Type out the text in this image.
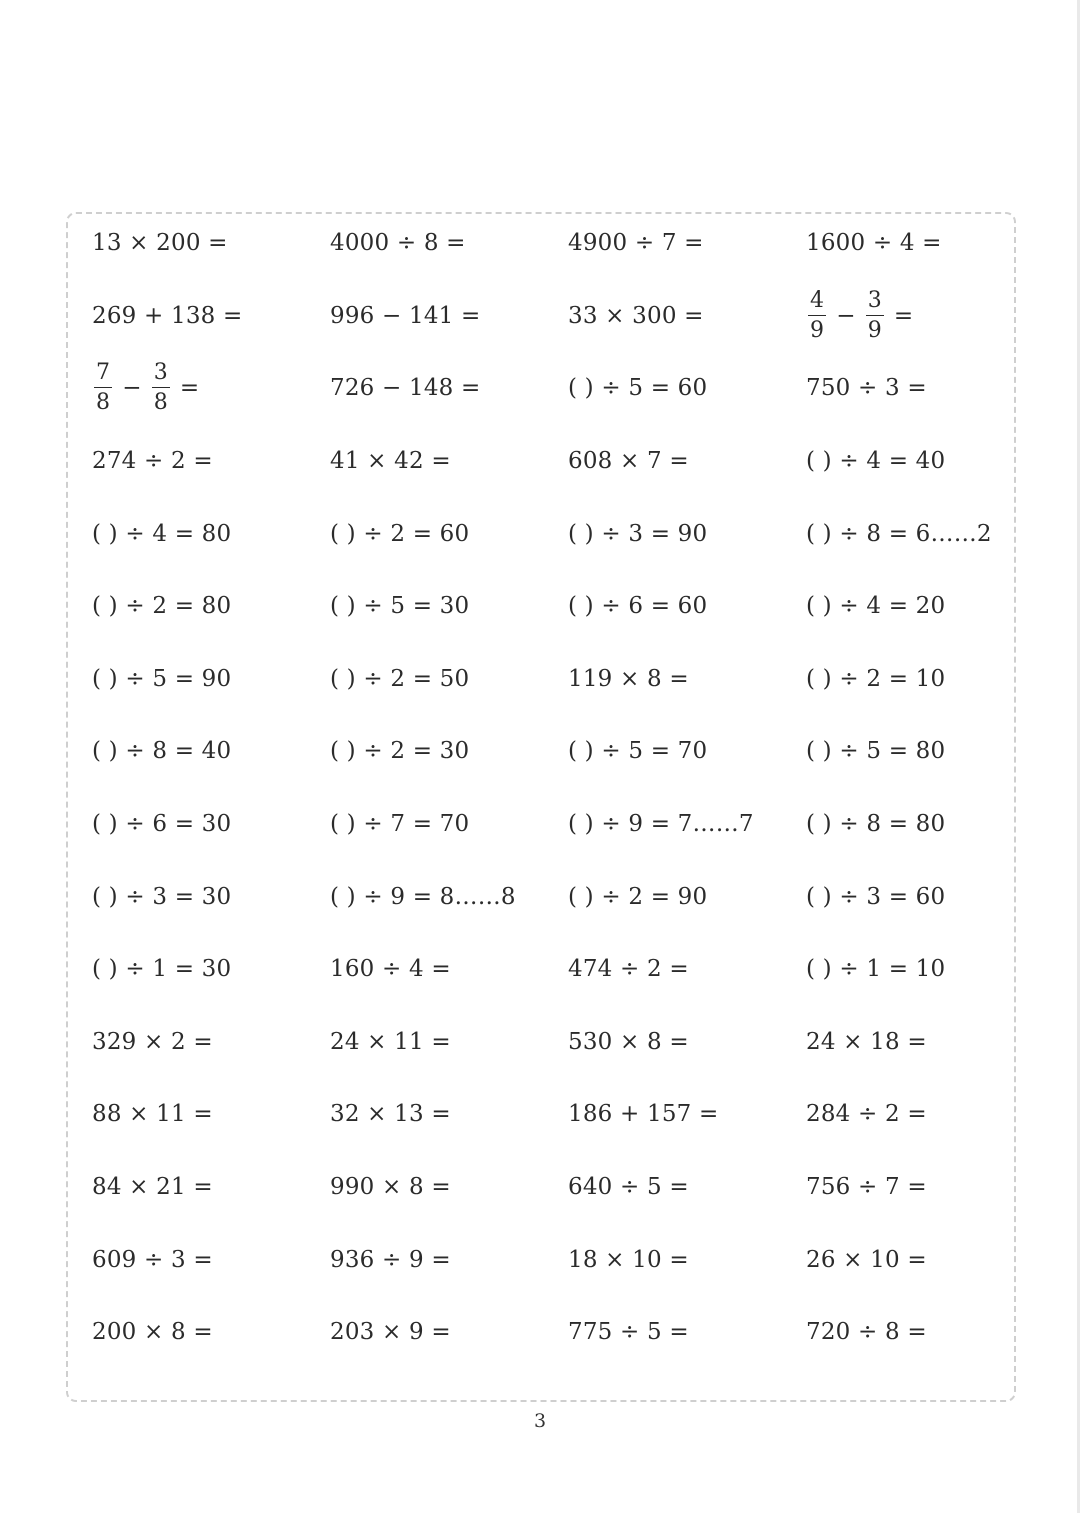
13 × 200 =	4000 ÷ 8 =	4900 ÷ 7 =	1600 ÷ 4 =
269 + 138 =	996 − 141 =	33 × 300 =	$\frac{4}{9} - \frac{3}{9}$ =
$\frac{7}{8} - \frac{3}{8}$ =	726 − 148 =	( ) ÷ 5 = 60	750 ÷ 3 =
274 ÷ 2 =	41 × 42 =	608 × 7 =	( ) ÷ 4 = 40
( ) ÷ 4 = 80	( ) ÷ 2 = 60	( ) ÷ 3 = 90	( ) ÷ 8 = 6……2
( ) ÷ 2 = 80	( ) ÷ 5 = 30	( ) ÷ 6 = 60	( ) ÷ 4 = 20
( ) ÷ 5 = 90	( ) ÷ 2 = 50	119 × 8 =	( ) ÷ 2 = 10
( ) ÷ 8 = 40	( ) ÷ 2 = 30	( ) ÷ 5 = 70	( ) ÷ 5 = 80
( ) ÷ 6 = 30	( ) ÷ 7 = 70	( ) ÷ 9 = 7……7	( ) ÷ 8 = 80
( ) ÷ 3 = 30	( ) ÷ 9 = 8……8	( ) ÷ 2 = 90	( ) ÷ 3 = 60
( ) ÷ 1 = 30	160 ÷ 4 =	474 ÷ 2 =	( ) ÷ 1 = 10
329 × 2 =	24 × 11 =	530 × 8 =	24 × 18 =
88 × 11 =	32 × 13 =	186 + 157 =	284 ÷ 2 =
84 × 21 =	990 × 8 =	640 ÷ 5 =	756 ÷ 7 =
609 ÷ 3 =	936 ÷ 9 =	18 × 10 =	26 × 10 =
200 × 8 =	203 × 9 =	775 ÷ 5 =	720 ÷ 8 =
3
